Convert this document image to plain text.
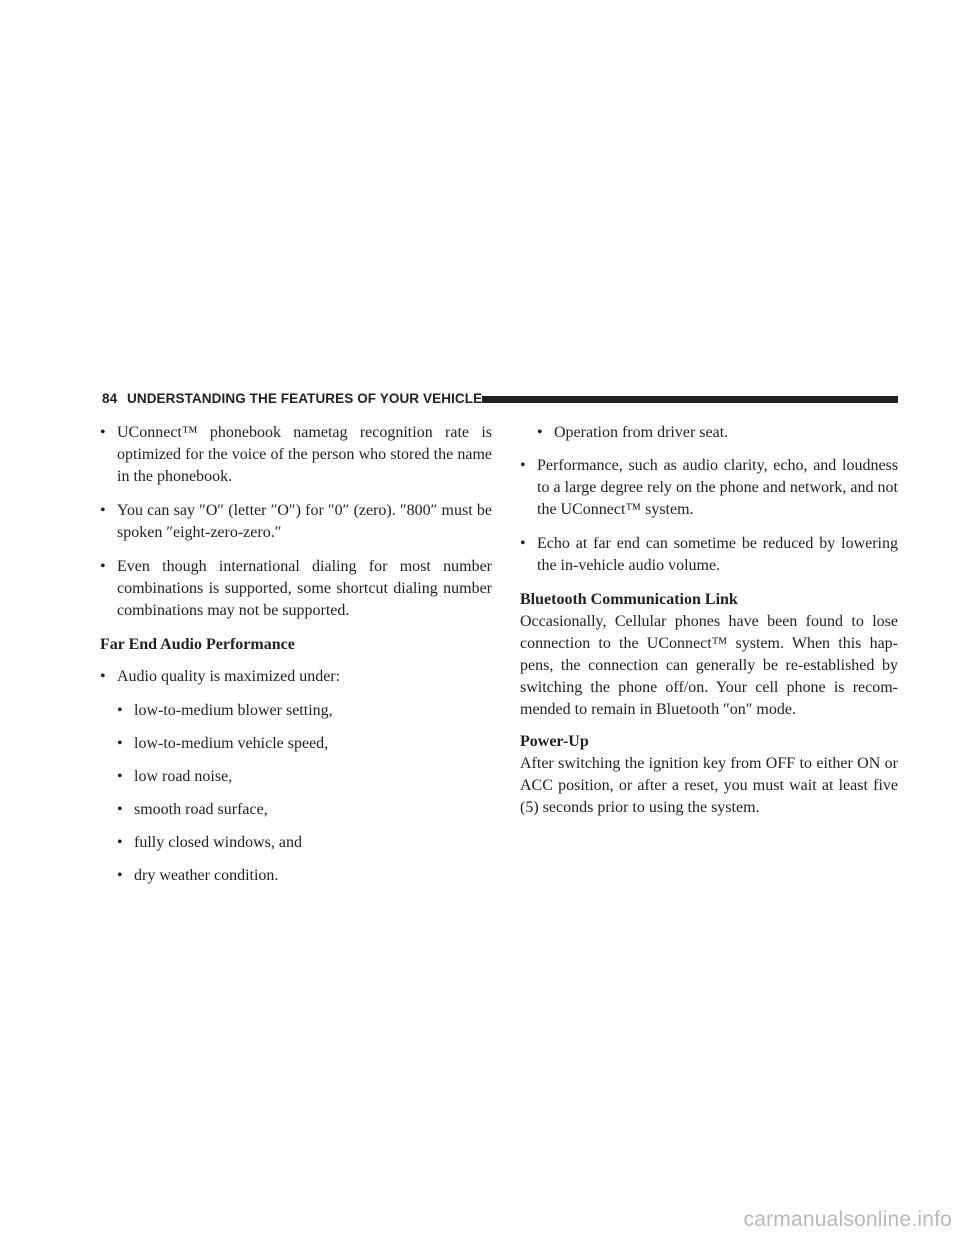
84 UNDERSTANDING THE FEATURES OF YOUR VEHICLE
• UConnect™ phonebook nametag recognition rate is optimized for the voice of the person who stored the name in the phonebook.
• You can say ″O″ (letter ″O″) for ″0″ (zero). ″800″ must be spoken ″eight-zero-zero.″
• Even though international dialing for most number combinations is supported, some shortcut dialing number combinations may not be supported.
Far End Audio Performance
• Audio quality is maximized under:
• low-to-medium blower setting,
• low-to-medium vehicle speed,
• low road noise,
• smooth road surface,
• fully closed windows, and
• dry weather condition.
• Operation from driver seat.
• Performance, such as audio clarity, echo, and loudness to a large degree rely on the phone and network, and not the UConnect™ system.
• Echo at far end can sometime be reduced by lowering the in-vehicle audio volume.
Bluetooth Communication Link
Occasionally, Cellular phones have been found to lose connection to the UConnect™ system. When this hap-pens, the connection can generally be re-established by switching the phone off/on. Your cell phone is recom-mended to remain in Bluetooth ″on″ mode.
Power-Up
After switching the ignition key from OFF to either ON or ACC position, or after a reset, you must wait at least five (5) seconds prior to using the system.
carmanualsonline.info
